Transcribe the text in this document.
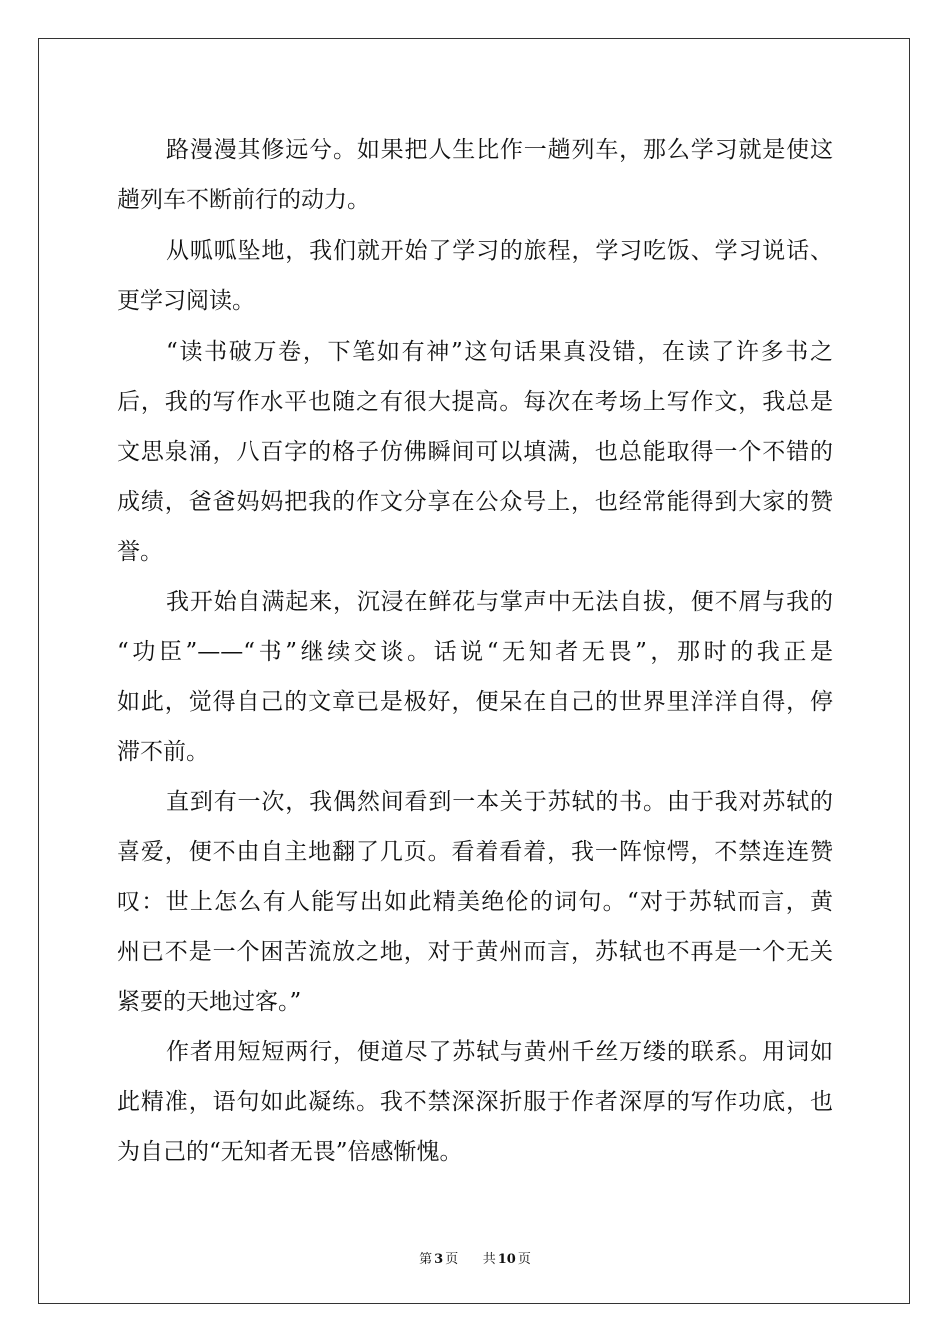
路漫漫其修远兮。如果把人生比作一趟列车，那么学习就是使这
趟列车不断前行的动力。
从呱呱坠地，我们就开始了学习的旅程，学习吃饭、学习说话、
更学习阅读。
“读书破万卷，下笔如有神”这句话果真没错，在读了许多书之
后，我的写作水平也随之有很大提高。每次在考场上写作文，我总是
文思泉涌，八百字的格子仿佛瞬间可以填满，也总能取得一个不错的
成绩，爸爸妈妈把我的作文分享在公众号上，也经常能得到大家的赞
誉。
我开始自满起来，沉浸在鲜花与掌声中无法自拔，便不屑与我的
“功臣”——“书”继续交谈。话说“无知者无畏”，那时的我正是
如此，觉得自己的文章已是极好，便呆在自己的世界里洋洋自得，停
滞不前。
直到有一次，我偶然间看到一本关于苏轼的书。由于我对苏轼的
喜爱，便不由自主地翻了几页。看着看着，我一阵惊愕，不禁连连赞
叹：世上怎么有人能写出如此精美绝伦的词句。“对于苏轼而言，黄
州已不是一个困苦流放之地，对于黄州而言，苏轼也不再是一个无关
紧要的天地过客。”
作者用短短两行，便道尽了苏轼与黄州千丝万缕的联系。用词如
此精准，语句如此凝练。我不禁深深折服于作者深厚的写作功底，也
为自己的“无知者无畏”倍感惭愧。
第 3 页 共 10 页
